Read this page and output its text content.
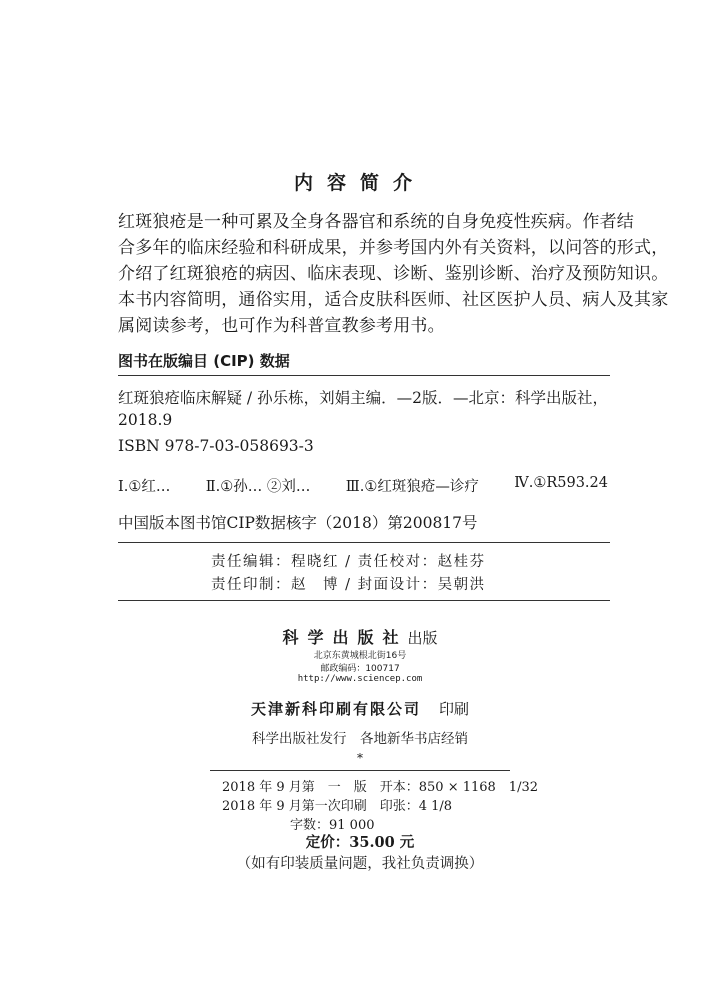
内容简介
红斑狼疮是一种可累及全身各器官和系统的自身免疫性疾病。作者结
合多年的临床经验和科研成果，并参考国内外有关资料，以问答的形式，
介绍了红斑狼疮的病因、临床表现、诊断、鉴别诊断、治疗及预防知识。
本书内容简明，通俗实用，适合皮肤科医师、社区医护人员、病人及其家
属阅读参考，也可作为科普宣教参考用书。
图书在版编目 (CIP) 数据
红斑狼疮临床解疑 / 孙乐栋，刘娟主编．—2版．—北京：科学出版社，
2018.9
ISBN 978-7-03-058693-3
Ⅰ.①红… Ⅱ.①孙… ②刘… Ⅲ.①红斑狼疮—诊疗 Ⅳ.①R593.24
中国版本图书馆CIP数据核字（2018）第200817号
责任编辑：程晓红 / 责任校对：赵桂芬
责任印制：赵　博 / 封面设计：吴朝洪
科学出版社出版
北京东黄城根北街16号
邮政编码：100717
http://www.sciencep.com
天津新科印刷有限公司 印刷
科学出版社发行　各地新华书店经销
*
2018 年 9 月第　一　版　开本：850 × 1168　1/32
2018 年 9 月第一次印刷　印张：4 1/8
字数：91 000
定价：35.00 元
（如有印装质量问题，我社负责调换）
